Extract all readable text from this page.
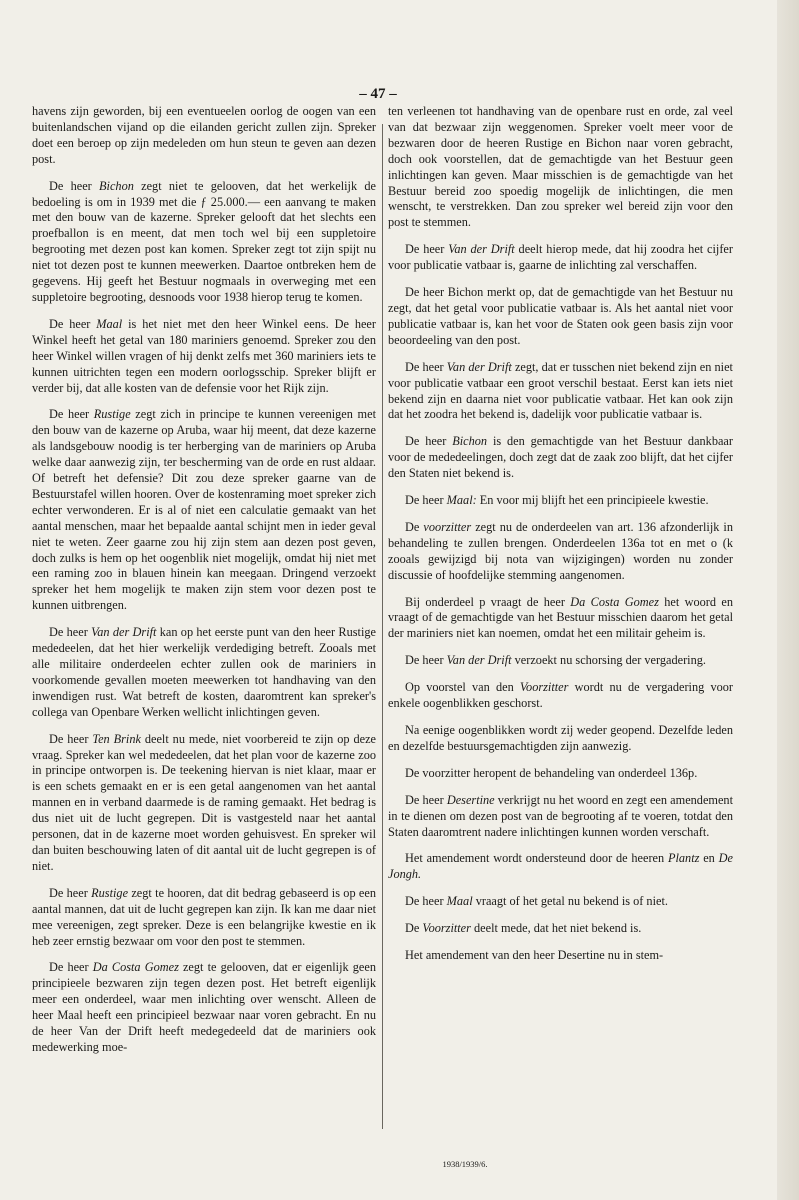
– 47 –

havens zijn geworden, bij een eventueelen oorlog de oogen van een buitenlandschen vijand op die eilanden gericht zullen zijn. Spreker doet een beroep op zijn medeleden om hun steun te geven aan dezen post.

De heer Bichon zegt niet te gelooven, dat het werkelijk de bedoeling is om in 1939 met die ƒ 25.000.— een aanvang te maken met den bouw van de kazerne. Spreker gelooft dat het slechts een proefballon is en meent, dat men toch wel bij een suppletoire begrooting met dezen post kan komen. Spreker zegt tot zijn spijt nu niet tot dezen post te kunnen meewerken. Daartoe ontbreken hem de gegevens. Hij geeft het Bestuur nogmaals in overweging met een suppletoire begrooting, desnoods voor 1938 hierop terug te komen.

De heer Maal is het niet met den heer Winkel eens. De heer Winkel heeft het getal van 180 mariniers genoemd. Spreker zou den heer Winkel willen vragen of hij denkt zelfs met 360 mariniers iets te kunnen uitrichten tegen een modern oorlogsschip. Spreker blijft er verder bij, dat alle kosten van de defensie voor het Rijk zijn.

De heer Rustige zegt zich in principe te kunnen vereenigen met den bouw van de kazerne op Aruba, waar hij meent, dat deze kazerne als landsgebouw noodig is ter herberging van de mariniers op Aruba welke daar aanwezig zijn, ter bescherming van de orde en rust aldaar. Of betreft het defensie? Dit zou deze spreker gaarne van de Bestuurstafel willen hooren. Over de kostenraming moet spreker zich echter verwonderen. Er is al of niet een calculatie gemaakt van het aantal menschen, maar het bepaalde aantal schijnt men in ieder geval niet te weten. Zeer gaarne zou hij zijn stem aan dezen post geven, doch zulks is hem op het oogenblik niet mogelijk, omdat hij niet met een raming zoo in blauen hinein kan meegaan. Dringend verzoekt spreker het hem mogelijk te maken zijn stem voor dezen post te kunnen uitbrengen.

De heer Van der Drift kan op het eerste punt van den heer Rustige mededeelen, dat het hier werkelijk verdediging betreft. Zooals met alle militaire onderdeelen echter zullen ook de mariniers in voorkomende gevallen moeten meewerken tot handhaving van den inwendigen rust. Wat betreft de kosten, daaromtrent kan spreker's collega van Openbare Werken wellicht inlichtingen geven.

De heer Ten Brink deelt nu mede, niet voorbereid te zijn op deze vraag. Spreker kan wel mededeelen, dat het plan voor de kazerne zoo in principe ontworpen is. De teekening hiervan is niet klaar, maar er is een schets gemaakt en er is een getal aangenomen van het aantal mannen en in verband daarmede is de raming gemaakt. Het bedrag is dus niet uit de lucht gegrepen. Dit is vastgesteld naar het aantal personen, dat in de kazerne moet worden gehuisvest. En spreker wil dan buiten beschouwing laten of dit aantal uit de lucht gegrepen is of niet.

De heer Rustige zegt te hooren, dat dit bedrag gebaseerd is op een aantal mannen, dat uit de lucht gegrepen kan zijn. Ik kan me daar niet mee vereenigen, zegt spreker. Deze is een belangrijke kwestie en ik heb zeer ernstig bezwaar om voor den post te stemmen.

De heer Da Costa Gomez zegt te gelooven, dat er eigenlijk geen principieele bezwaren zijn tegen dezen post. Het betreft eigenlijk meer een onderdeel, waar men inlichting over wenscht. Alleen de heer Maal heeft een principieel bezwaar naar voren gebracht. En nu de heer Van der Drift heeft medegedeeld dat de mariniers ook medewerking moe-

ten verleenen tot handhaving van de openbare rust en orde, zal veel van dat bezwaar zijn weggenomen. Spreker voelt meer voor de bezwaren door de heeren Rustige en Bichon naar voren gebracht, doch ook voorstellen, dat de gemachtigde van het Bestuur geen inlichtingen kan geven. Maar misschien is de gemachtigde van het Bestuur bereid zoo spoedig mogelijk de inlichtingen, die men wenscht, te verstrekken. Dan zou spreker wel bereid zijn voor den post te stemmen.

De heer Van der Drift deelt hierop mede, dat hij zoodra het cijfer voor publicatie vatbaar is, gaarne de inlichting zal verschaffen.

De heer Bichon merkt op, dat de gemachtigde van het Bestuur nu zegt, dat het getal voor publicatie vatbaar is. Als het aantal niet voor publicatie vatbaar is, kan het voor de Staten ook geen basis zijn voor beoordeeling van den post.

De heer Van der Drift zegt, dat er tusschen niet bekend zijn en niet voor publicatie vatbaar een groot verschil bestaat. Eerst kan iets niet bekend zijn en daarna niet voor publicatie vatbaar. Het kan ook zijn dat het zoodra het bekend is, dadelijk voor publicatie vatbaar is.

De heer Bichon is den gemachtigde van het Bestuur dankbaar voor de mededeelingen, doch zegt dat de zaak zoo blijft, dat het cijfer den Staten niet bekend is.

De heer Maal: En voor mij blijft het een principieele kwestie.

De voorzitter zegt nu de onderdeelen van art. 136 afzonderlijk in behandeling te zullen brengen. Onderdeelen 136a tot en met o (k zooals gewijzigd bij nota van wijzigingen) worden nu zonder discussie of hoofdelijke stemming aangenomen.

Bij onderdeel p vraagt de heer Da Costa Gomez het woord en vraagt of de gemachtigde van het Bestuur misschien daarom het getal der mariniers niet kan noemen, omdat het een militair geheim is.

De heer Van der Drift verzoekt nu schorsing der vergadering.

Op voorstel van den Voorzitter wordt nu de vergadering voor enkele oogenblikken geschorst.

Na eenige oogenblikken wordt zij weder geopend. Dezelfde leden en dezelfde bestuursgemachtigden zijn aanwezig.

De voorzitter heropent de behandeling van onderdeel 136p.

De heer Desertine verkrijgt nu het woord en zegt een amendement in te dienen om dezen post van de begrooting af te voeren, totdat den Staten daaromtrent nadere inlichtingen kunnen worden verschaft.

Het amendement wordt ondersteund door de heeren Plantz en De Jongh.

De heer Maal vraagt of het getal nu bekend is of niet.

De Voorzitter deelt mede, dat het niet bekend is.

Het amendement van den heer Desertine nu in stem-

1938/1939/6.
